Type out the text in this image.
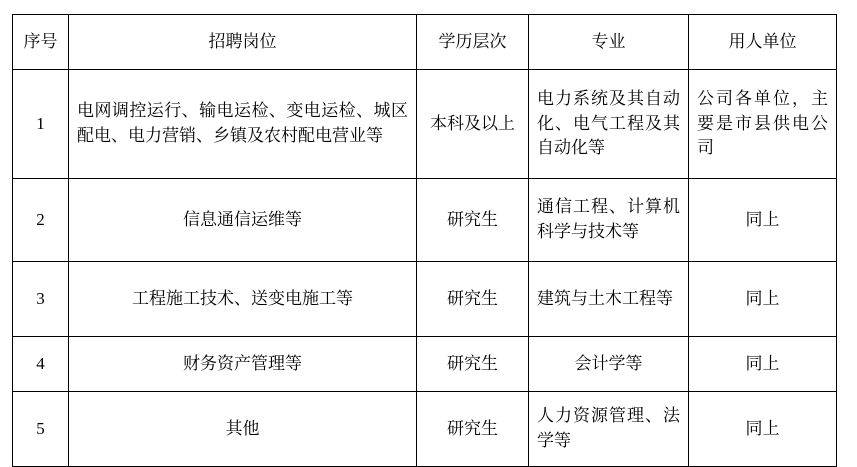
序号	招聘岗位	学历层次	专业	用人单位
1	电网调控运行、输电运检、变电运检、城区配电、电力营销、乡镇及农村配电营业等	本科及以上	电力系统及其自动化、电气工程及其自动化等	公司各单位，主要是市县供电公司
2	信息通信运维等	研究生	通信工程、计算机科学与技术等	同上
3	工程施工技术、送变电施工等	研究生	建筑与土木工程等	同上
4	财务资产管理等	研究生	会计学等	同上
5	其他	研究生	人力资源管理、法学等	同上
